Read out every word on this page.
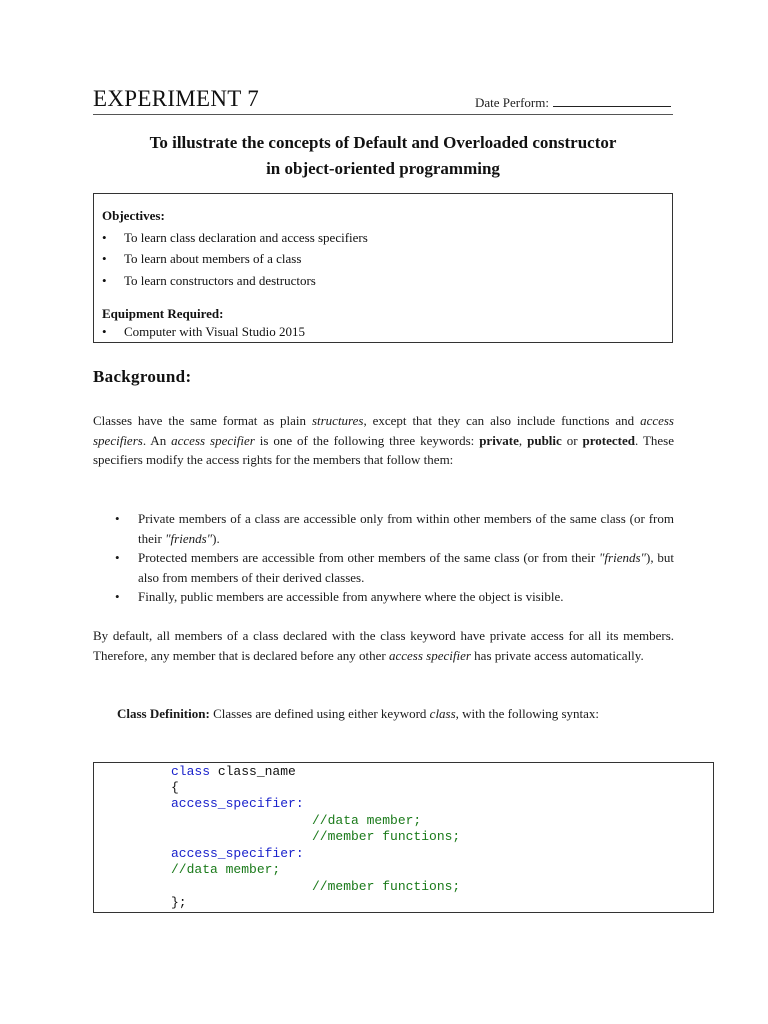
EXPERIMENT 7	Date Perform:
To illustrate the concepts of Default and Overloaded constructor
in object-oriented programming
Objectives:
• To learn class declaration and access specifiers
• To learn about members of a class
• To learn constructors and destructors
Equipment Required:
• Computer with Visual Studio 2015
Background:
Classes have the same format as plain structures, except that they can also include functions and access specifiers. An access specifier is one of the following three keywords: private, public or protected. These specifiers modify the access rights for the members that follow them:
• Private members of a class are accessible only from within other members of the same class (or from their "friends").
• Protected members are accessible from other members of the same class (or from their "friends"), but also from members of their derived classes.
• Finally, public members are accessible from anywhere where the object is visible.
By default, all members of a class declared with the class keyword have private access for all its members. Therefore, any member that is declared before any other access specifier has private access automatically.
Class Definition: Classes are defined using either keyword class, with the following syntax:
class class_name
{
access_specifier:
//data member;
//member functions;
access_specifier:
//data member;
//member functions;
};
